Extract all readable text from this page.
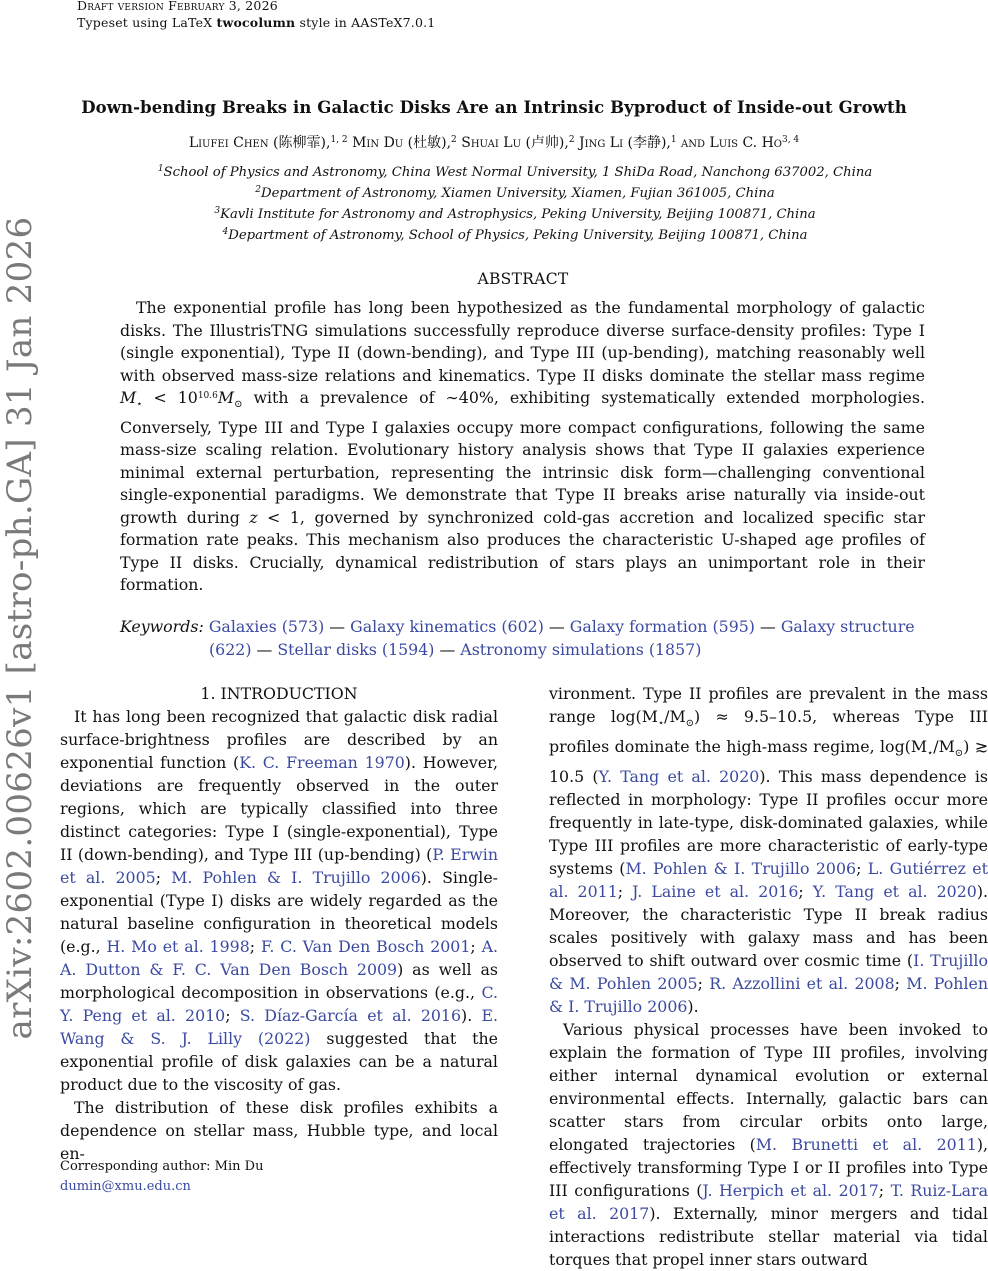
Draft version February 3, 2026
Typeset using LaTeX twocolumn style in AASTeX7.0.1
arXiv:2602.00626v1 [astro-ph.GA] 31 Jan 2026
Down-bending Breaks in Galactic Disks Are an Intrinsic Byproduct of Inside-out Growth
Liufei Chen (陈柳霏),$^{1, 2}$ Min Du (杜敏),$^2$ Shuai Lu (卢帅),$^2$ Jing Li (李静),$^1$ and Luis C. Ho$^{3, 4}$
$^1$School of Physics and Astronomy, China West Normal University, 1 ShiDa Road, Nanchong 637002, China
$^2$Department of Astronomy, Xiamen University, Xiamen, Fujian 361005, China
$^3$Kavli Institute for Astronomy and Astrophysics, Peking University, Beijing 100871, China
$^4$Department of Astronomy, School of Physics, Peking University, Beijing 100871, China
ABSTRACT

The exponential profile has long been hypothesized as the fundamental morphology of galactic disks. The IllustrisTNG simulations successfully reproduce diverse surface-density profiles: Type I (single exponential), Type II (down-bending), and Type III (up-bending), matching reasonably well with observed mass-size relations and kinematics. Type II disks dominate the stellar mass regime $M_⋆ < 10^{10.6}M_⊙$ with a prevalence of ∼40%, exhibiting systematically extended morphologies. Conversely, Type III and Type I galaxies occupy more compact configurations, following the same mass-size scaling relation. Evolutionary history analysis shows that Type II galaxies experience minimal external perturbation, representing the intrinsic disk form—challenging conventional single-exponential paradigms. We demonstrate that Type II breaks arise naturally via inside-out growth during z < 1, governed by synchronized cold-gas accretion and localized specific star formation rate peaks. This mechanism also produces the characteristic U-shaped age profiles of Type II disks. Crucially, dynamical redistribution of stars plays an unimportant role in their formation.

Keywords: Galaxies (573) — Galaxy kinematics (602) — Galaxy formation (595) — Galaxy structure
(622) — Stellar disks (1594) — Astronomy simulations (1857)

1. INTRODUCTION

It has long been recognized that galactic disk radial surface-brightness profiles are described by an exponential function (K. C. Freeman 1970). However, deviations are frequently observed in the outer regions, which are typically classified into three distinct categories: Type I (single-exponential), Type II (down-bending), and Type III (up-bending) (P. Erwin et al. 2005; M. Pohlen & I. Trujillo 2006). Single-exponential (Type I) disks are widely regarded as the natural baseline configuration in theoretical models (e.g., H. Mo et al. 1998; F. C. Van Den Bosch 2001; A. A. Dutton & F. C. Van Den Bosch 2009) as well as morphological decomposition in observations (e.g., C. Y. Peng et al. 2010; S. Díaz-García et al. 2016). E. Wang & S. J. Lilly (2022) suggested that the exponential profile of disk galaxies can be a natural product due to the viscosity of gas.

The distribution of these disk profiles exhibits a dependence on stellar mass, Hubble type, and local en-

vironment. Type II profiles are prevalent in the mass range $\log(M_⋆/M_⊙) \approx 9.5-10.5$, whereas Type III profiles dominate the high-mass regime, $\log(M_⋆/M_⊙)$ ≳ 10.5 (Y. Tang et al. 2020). This mass dependence is reflected in morphology: Type II profiles occur more frequently in late-type, disk-dominated galaxies, while Type III profiles are more characteristic of early-type systems (M. Pohlen & I. Trujillo 2006; L. Gutiérrez et al. 2011; J. Laine et al. 2016; Y. Tang et al. 2020). Moreover, the characteristic Type II break radius scales positively with galaxy mass and has been observed to shift outward over cosmic time (I. Trujillo & M. Pohlen 2005; R. Azzollini et al. 2008; M. Pohlen & I. Trujillo 2006).

Various physical processes have been invoked to explain the formation of Type III profiles, involving either internal dynamical evolution or external environmental effects. Internally, galactic bars can scatter stars from circular orbits onto large, elongated trajectories (M. Brunetti et al. 2011), effectively transforming Type I or II profiles into Type III configurations (J. Herpich et al. 2017; T. Ruiz-Lara et al. 2017). Externally, minor mergers and tidal interactions redistribute stellar material via tidal torques that propel inner stars outward

Corresponding author: Min Du
dumin@xmu.edu.cn
